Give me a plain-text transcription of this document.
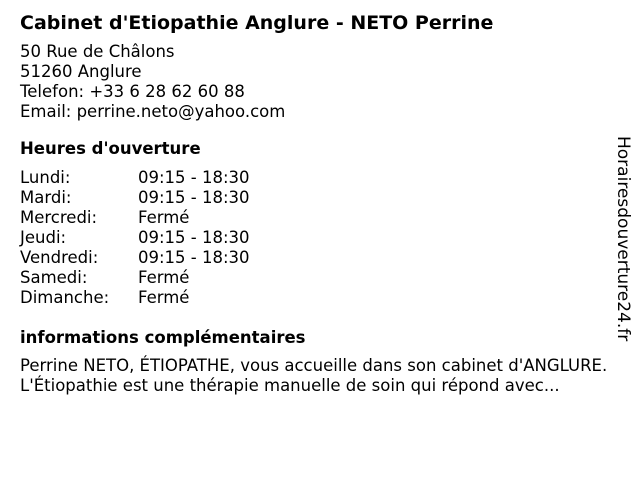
Cabinet d'Etiopathie Anglure - NETO Perrine
50 Rue de Châlons
51260 Anglure
Telefon: +33 6 28 62 60 88
Email: perrine.neto@yahoo.com
Heures d'ouverture
Lundi:	09:15 - 18:30
Mardi:	09:15 - 18:30
Mercredi:	Fermé
Jeudi:	09:15 - 18:30
Vendredi:	09:15 - 18:30
Samedi:	Fermé
Dimanche:	Fermé
informations complémentaires
Perrine NETO, ÉTIOPATHE, vous accueille dans son cabinet d'ANGLURE. L'Étiopathie est une thérapie manuelle de soin qui répond avec...
Horairesdouverture24.fr
